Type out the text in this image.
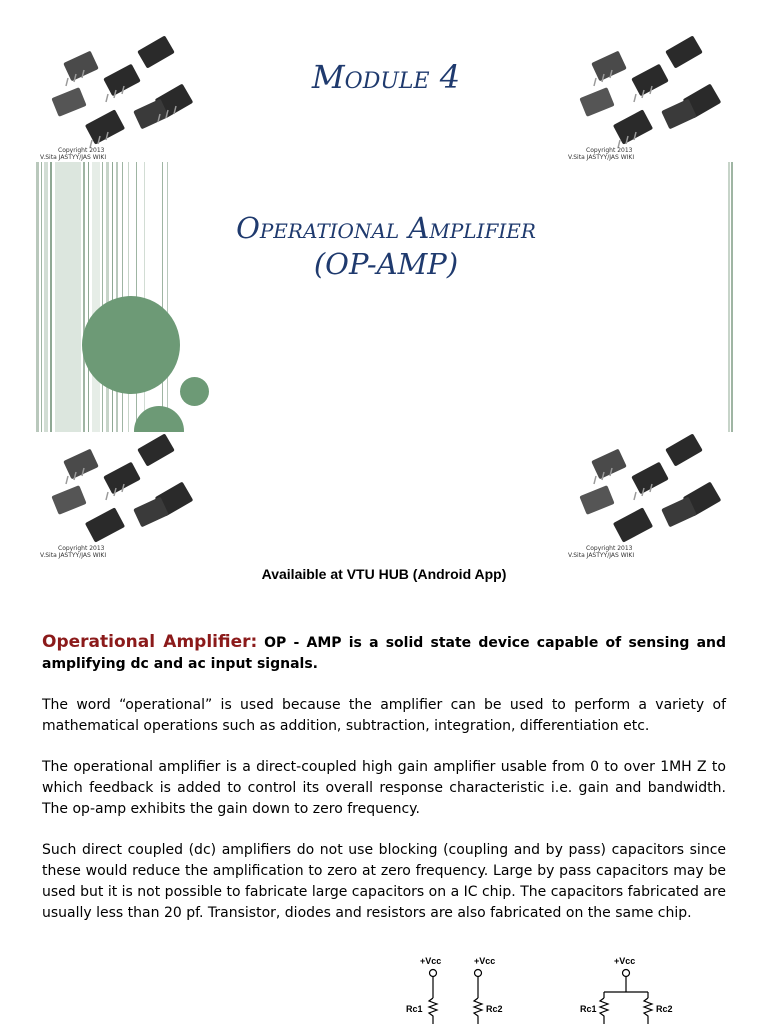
Copyright 2013
V.Sita JASTYY/JAS WIKI
Copyright 2013
V.Sita JASTYY/JAS WIKI
Copyright 2013
V.Sita JASTYY/JAS WIKI
Copyright 2013
V.Sita JASTYY/JAS WIKI
Module 4
Operational Amplifier
(OP-AMP)
Availaible at VTU HUB (Android App)

Operational Amplifier: OP - AMP is a solid state device capable of sensing and amplifying dc and ac input signals.

The word “operational” is used because the amplifier can be used to perform a variety of mathematical operations such as addition, subtraction, integration, differentiation etc.

The operational amplifier is a direct-coupled high gain amplifier usable from 0 to over 1MH Z to which feedback is added to control its overall response characteristic i.e. gain and bandwidth. The op-amp exhibits the gain down to zero frequency.

Such direct coupled (dc) amplifiers do not use blocking (coupling and by pass) capacitors since these would reduce the amplification to zero at zero frequency. Large by pass capacitors may be used but it is not possible to fabricate large capacitors on a IC chip. The capacitors fabricated are usually less than 20 pf. Transistor, diodes and resistors are also fabricated on the same chip.

+Vcc	+Vcc	+Vcc
Rc1	Rc2	Rc1	Rc2
